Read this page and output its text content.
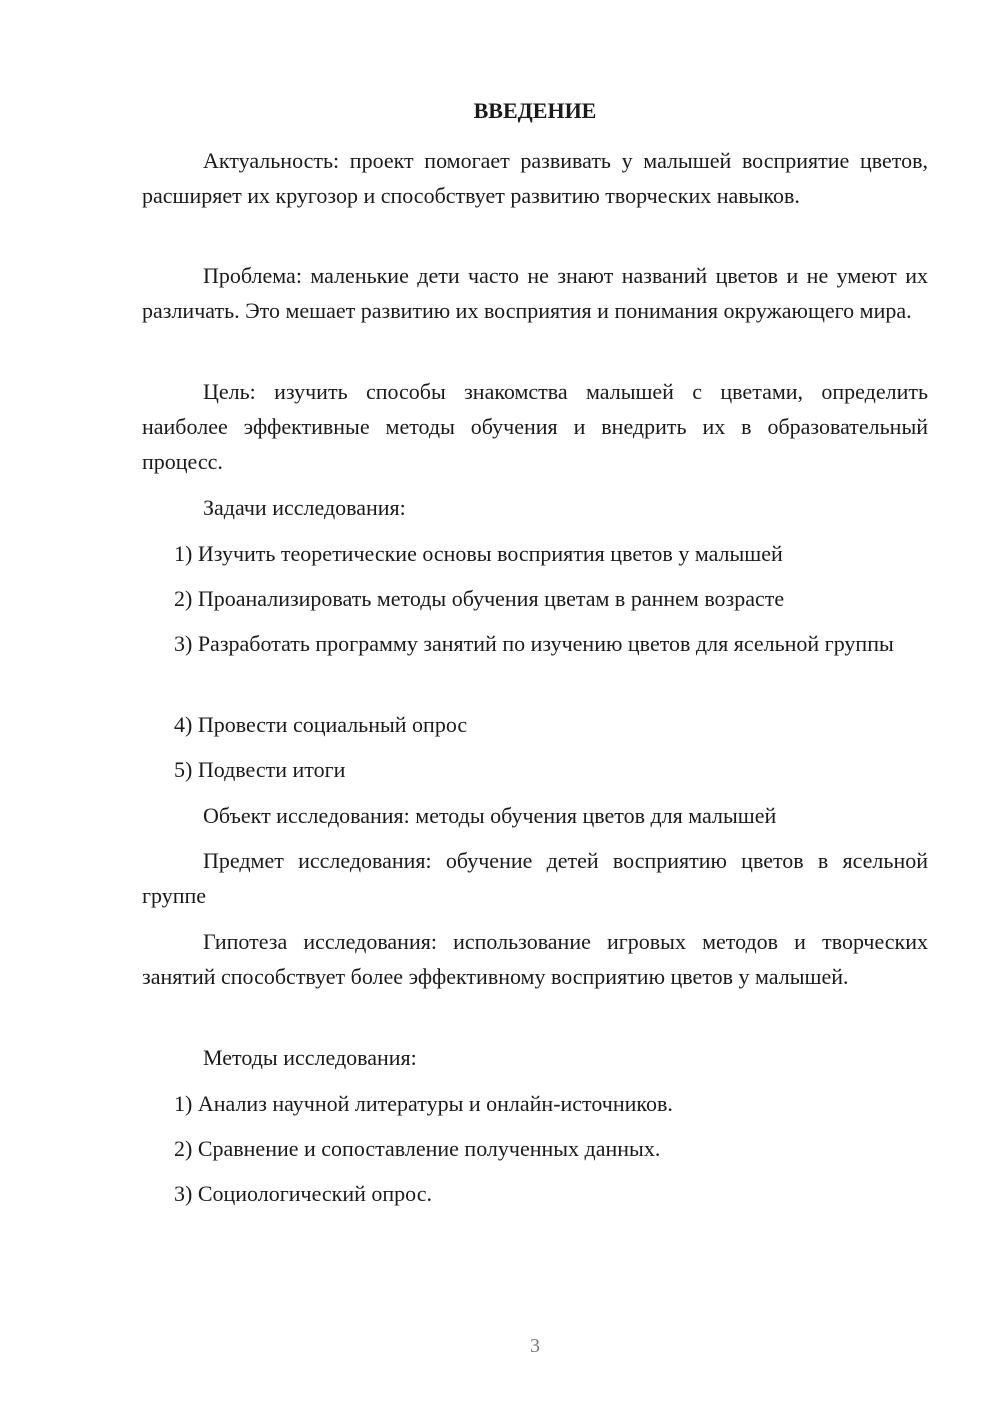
ВВЕДЕНИЕ

Актуальность: проект помогает развивать у малышей восприятие цветов, расширяет их кругозор и способствует развитию творческих навыков.

Проблема: маленькие дети часто не знают названий цветов и не умеют их различать. Это мешает развитию их восприятия и понимания окружающего мира.

Цель: изучить способы знакомства малышей с цветами, определить наиболее эффективные методы обучения и внедрить их в образовательный процесс.

Задачи исследования:

1) Изучить теоретические основы восприятия цветов у малышей

2) Проанализировать методы обучения цветам в раннем возрасте

3) Разработать программу занятий по изучению цветов для ясельной группы

4) Провести социальный опрос

5) Подвести итоги

Объект исследования: методы обучения цветов для малышей

Предмет исследования: обучение детей восприятию цветов в ясельной группе

Гипотеза исследования: использование игровых методов и творческих занятий способствует более эффективному восприятию цветов у малышей.

Методы исследования:

1) Анализ научной литературы и онлайн-источников.

2) Сравнение и сопоставление полученных данных.

3) Социологический опрос.

3
